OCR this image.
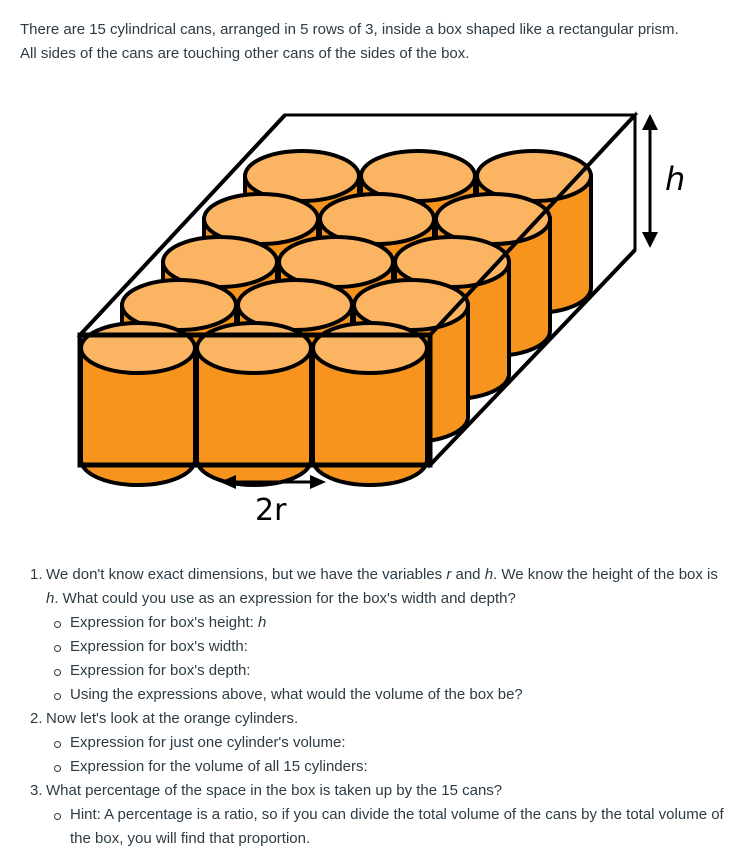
There are 15 cylindrical cans, arranged in 5 rows of 3, inside a box shaped like a rectangular prism.

All sides of the cans are touching other cans of the sides of the box.

h
2r
1. We don't know exact dimensions, but we have the variables r and h. We know the height of the box is h. What could you use as an expression for the box's width and depth?
Expression for box's height: h
Expression for box's width:
Expression for box's depth:
Using the expressions above, what would the volume of the box be?
2. Now let's look at the orange cylinders.
Expression for just one cylinder's volume:
Expression for the volume of all 15 cylinders:
3. What percentage of the space in the box is taken up by the 15 cans?
Hint: A percentage is a ratio, so if you can divide the total volume of the cans by the total volume of the box, you will find that proportion.
